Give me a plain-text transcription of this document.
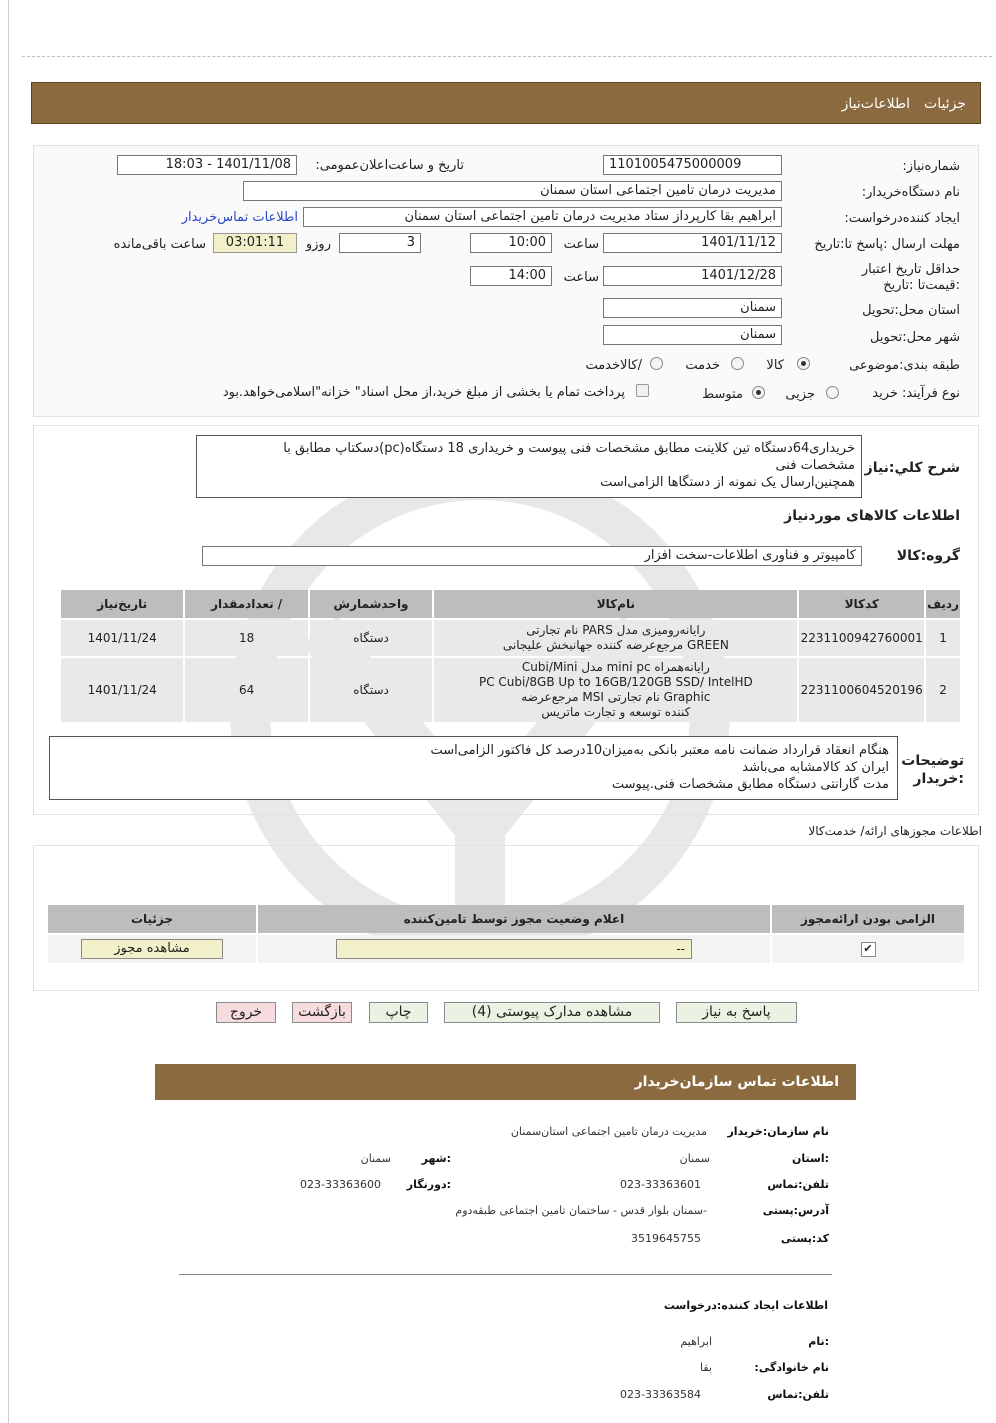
جزئیات
اطلاعات‌نیاز
شماره‌نیاز:
1101005475000009
تاریخ و ساعت‌اعلان‌عمومی:
1401/11/08 - 18:03
نام دستگاه‌خریدار:
مدیریت درمان تامین اجتماعی استان سمنان
ایجاد کننده‌درخواست:
ابراهیم بقا کارپرداز ستاد مدیریت درمان تامین اجتماعی استان سمنان
اطلاعات تماس‌خریدار
مهلت ارسال :پاسخ تا:تاریخ
1401/11/12
ساعت
10:00
3
روزو
03:01:11
ساعت باقی‌مانده
حداقل تاریخ اعتبار :قیمت‌تا :تاریخ
1401/12/28
ساعت
14:00
استان محل:تحویل
سمنان
شهر محل:تحویل
سمنان
طبقه بندی:موضوعی
کالا
خدمت
/کالاخدمت
نوع فرآیند: خرید
جزیی
متوسط
پرداخت تمام یا بخشی از مبلغ خرید،از محل اسناد" خزانه"اسلامی‌خواهد.بود
شرح کلي:نياز
خریداری64دستگاه تین کلاینت مطابق مشخصات فنی پیوست و خریداری 18 دستگاه(pc)دسکتاپ مطابق با
مشخصات فنی
همچنین‌ارسال یک نمونه از دستگاها الزامی‌است
اطلاعات کالاهای موردنیاز
گروه:کالا
کامپیوتر و فناوری اطلاعات-سخت افزار
ردیف	کدکالا	نام‌کالا	واحدشمارش	/ تعدادمقدار	تاریخ‌نیاز
1	2231100942760001	رایانه‌رومیزی مدل PARS نام تجارتی
GREEN مرجع‌عرضه کننده جهانبخش علیجانی	دستگاه	18	1401/11/24
2	2231100604520196	رایانه‌همراه mini pc مدل Cubi/Mini
PC Cubi/8GB Up to 16GB/120GB SSD/ IntelHD
Graphic نام تجارتی MSI مرجع‌عرضه
کننده توسعه و تجارت ماتریس	دستگاه	64	1401/11/24
توضیحات
:خریدار
هنگام انعقاد قرارداد ضمانت نامه معتبر بانکی به‌میزان10درصد کل فاکتور الزامی‌است
ایران کد کالامشابه می‌باشد
مدت گارانتی دستگاه مطابق مشخصات فنی.پیوست
اطلاعات مجوزهای ارائه/ خدمت‌کالا
الزامی بودن ارائه‌مجوز	اعلام وضعیت مجوز توسط تامین‌کننده	جزئیات
✔	--	مشاهده مجوز
پاسخ به نیاز
مشاهده مدارک پیوستی (4)
چاپ
بازگشت
خروج
اطلاعات تماس سازمان‌خریدار
نام سازمان:خریدار
مدیریت درمان تامین اجتماعی استان‌سمنان
:استان
سمنان
:شهر
سمنان
تلفن:تماس
023-33363601
:دورنگار
023-33363600
آدرس:پستی
-سمنان بلوار قدس - ساختمان تامین اجتماعی طبقه‌دوم
کد:پستی
3519645755
اطلاعات ایجاد کننده:درخواست
:نام
ابراهیم
نام خانوادگی:
بقا
تلفن:تماس
023-33363584
